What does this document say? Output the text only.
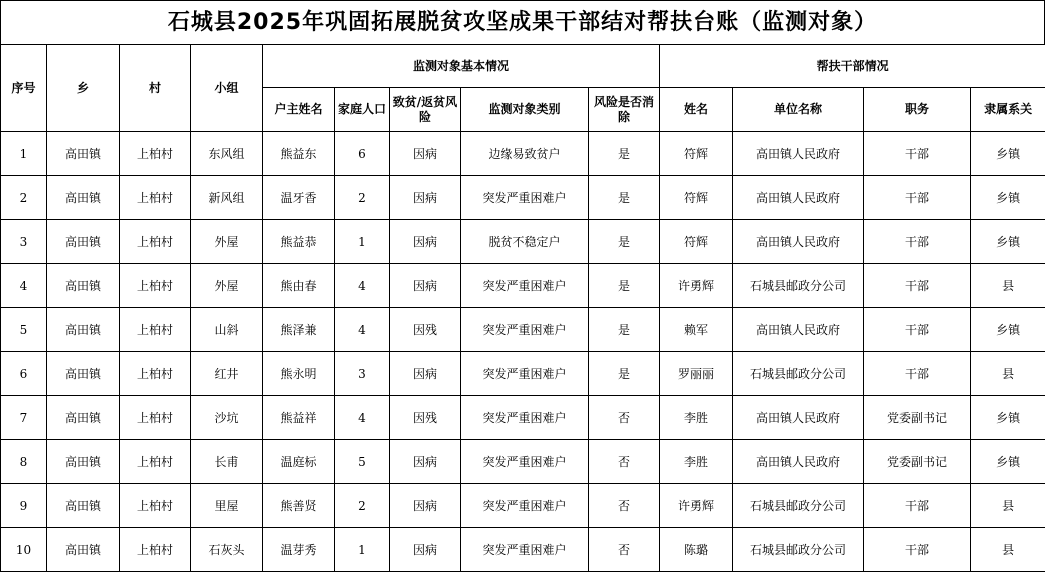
石城县2025年巩固拓展脱贫攻坚成果干部结对帮扶台账（监测对象）
序号	乡	村	小组	监测对象基本情况					帮扶干部情况			
				户主姓名	家庭人口	致贫/返贫风险	监测对象类别	风险是否消除	姓名	单位名称	职务	隶属系关
1	高田镇	上柏村	东风组	熊益东	6	因病	边缘易致贫户	是	符辉	高田镇人民政府	干部	乡镇
2	高田镇	上柏村	新风组	温牙香	2	因病	突发严重困难户	是	符辉	高田镇人民政府	干部	乡镇
3	高田镇	上柏村	外屋	熊益恭	1	因病	脱贫不稳定户	是	符辉	高田镇人民政府	干部	乡镇
4	高田镇	上柏村	外屋	熊由春	4	因病	突发严重困难户	是	许勇辉	石城县邮政分公司	干部	县
5	高田镇	上柏村	山斜	熊泽兼	4	因残	突发严重困难户	是	赖军	高田镇人民政府	干部	乡镇
6	高田镇	上柏村	红井	熊永明	3	因病	突发严重困难户	是	罗丽丽	石城县邮政分公司	干部	县
7	高田镇	上柏村	沙坑	熊益祥	4	因残	突发严重困难户	否	李胜	高田镇人民政府	党委副书记	乡镇
8	高田镇	上柏村	长甫	温庭标	5	因病	突发严重困难户	否	李胜	高田镇人民政府	党委副书记	乡镇
9	高田镇	上柏村	里屋	熊善贤	2	因病	突发严重困难户	否	许勇辉	石城县邮政分公司	干部	县
10	高田镇	上柏村	石灰头	温芽秀	1	因病	突发严重困难户	否	陈璐	石城县邮政分公司	干部	县
